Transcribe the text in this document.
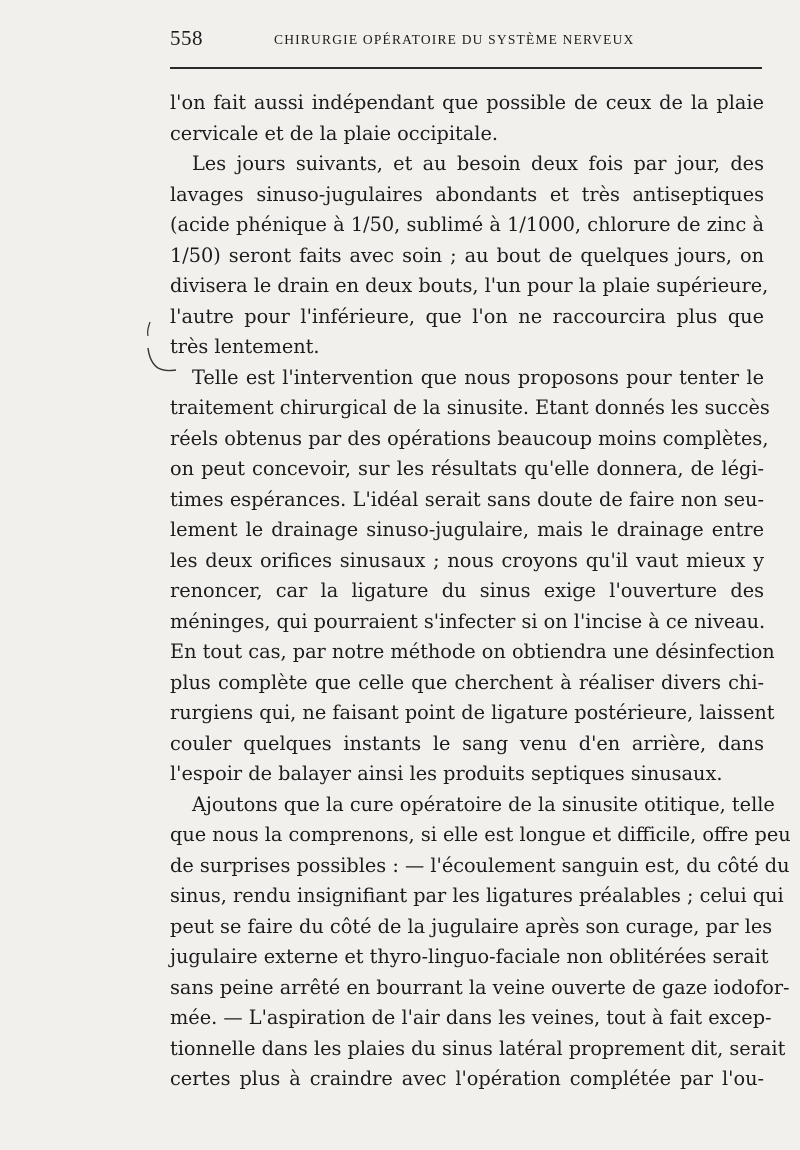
558	CHIRURGIE OPÉRATOIRE DU SYSTÈME NERVEUX
l'on fait aussi indépendant que possible de ceux de la plaie
cervicale et de la plaie occipitale.
Les jours suivants, et au besoin deux fois par jour, des
lavages sinuso-jugulaires abondants et très antiseptiques
(acide phénique à 1/50, sublimé à 1/1000, chlorure de zinc à
1/50) seront faits avec soin ; au bout de quelques jours, on
divisera le drain en deux bouts, l'un pour la plaie supérieure,
l'autre pour l'inférieure, que l'on ne raccourcira plus que
très lentement.
Telle est l'intervention que nous proposons pour tenter le
traitement chirurgical de la sinusite. Etant donnés les succès
réels obtenus par des opérations beaucoup moins complètes,
on peut concevoir, sur les résultats qu'elle donnera, de légi-
times espérances. L'idéal serait sans doute de faire non seu-
lement le drainage sinuso-jugulaire, mais le drainage entre
les deux orifices sinusaux ; nous croyons qu'il vaut mieux y
renoncer, car la ligature du sinus exige l'ouverture des
méninges, qui pourraient s'infecter si on l'incise à ce niveau.
En tout cas, par notre méthode on obtiendra une désinfection
plus complète que celle que cherchent à réaliser divers chi-
rurgiens qui, ne faisant point de ligature postérieure, laissent
couler quelques instants le sang venu d'en arrière, dans
l'espoir de balayer ainsi les produits septiques sinusaux.
Ajoutons que la cure opératoire de la sinusite otitique, telle
que nous la comprenons, si elle est longue et difficile, offre peu
de surprises possibles : — l'écoulement sanguin est, du côté du
sinus, rendu insignifiant par les ligatures préalables ; celui qui
peut se faire du côté de la jugulaire après son curage, par les
jugulaire externe et thyro-linguo-faciale non oblitérées serait
sans peine arrêté en bourrant la veine ouverte de gaze iodofor-
mée. — L'aspiration de l'air dans les veines, tout à fait excep-
tionnelle dans les plaies du sinus latéral proprement dit, serait
certes plus à craindre avec l'opération complétée par l'ou-
